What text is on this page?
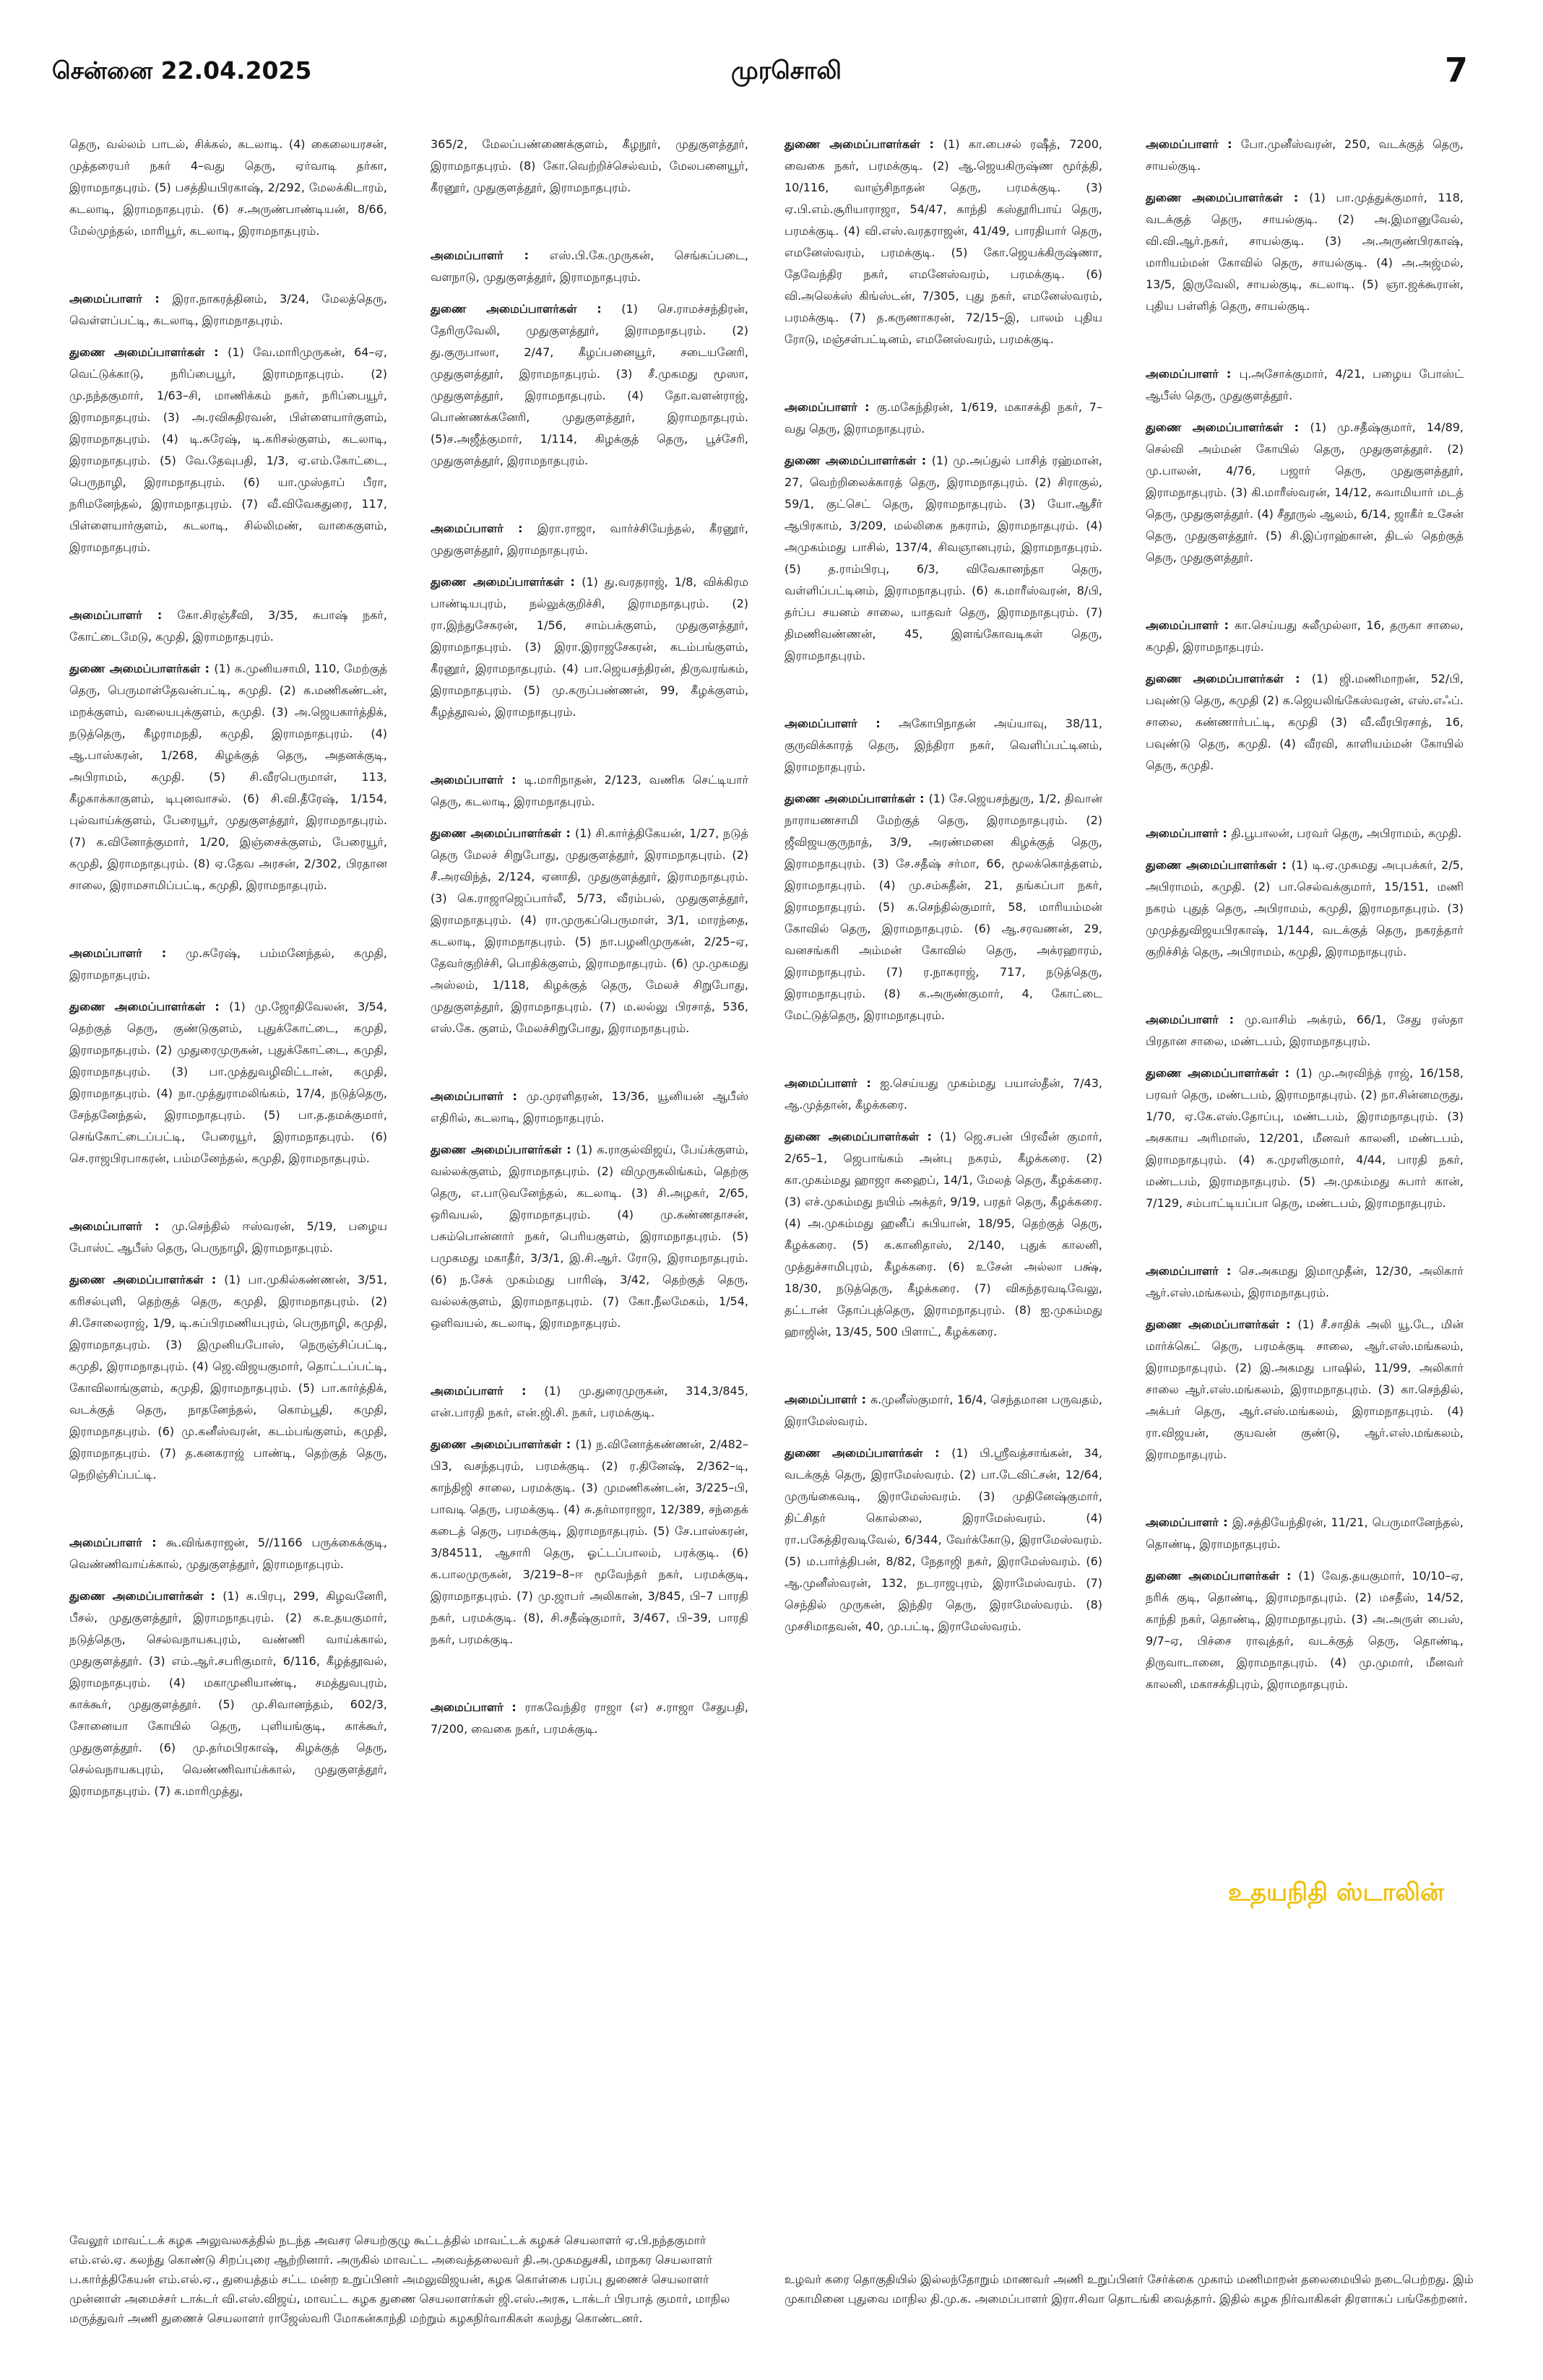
சென்னை 22.04.2025	முரசொலி	7

தெரு, வல்லம் பாடல், சிக்கல், கடலாடி. (4) கைலையரசன், முத்தரையர் நகர் 4–வது தெரு, ஏர்வாடி தர்கா, இராமநாதபுரம். (5) பசத்தியபிரகாஷ், 2/292, மேலக்கிடாரம், கடலாடி, இராமநாதபுரம். (6) ச.அருண்பாண்டியன், 8/66, மேல்முந்தல், மாரியூர், கடலாடி, இராமநாதபுரம்.

அமைப்பாளர் : இரா.நாகரத்தினம், 3/24, மேலத்தெரு, வெள்ளப்பட்டி, கடலாடி, இராமநாதபுரம்.

துணை அமைப்பாளர்கள் : (1) வே.மாரிமுருகன், 64–ஏ, வெட்டுக்காடு, நரிப்பையூர், இராமநாதபுரம். (2) மு.நந்தகுமார், 1/63–சி, மாணிக்கம் நகர், நரிப்பையூர், இராமநாதபுரம். (3) அ.ரவிசுதிரவன், பிள்ளையார்குளம், இராமநாதபுரம். (4) டி.சுரேஷ், டி.கரிசல்குளம், கடலாடி, இராமநாதபுரம். (5) வே.தேவுபதி, 1/3, ஏ.எம்.கோட்டை, பெருநாழி, இராமநாதபுரம். (6) யா.முஸ்தாப் பீரா, நரிமனேந்தல், இராமநாதபுரம். (7) வீ.விவேகதுரை, 117, பிள்ளையார்குளம், கடலாடி, சில்லிமண், வாகைகுளம், இராமநாதபுரம்.

அமைப்பாளர் : கோ.சிரஞ்சீவி, 3/35, சுபாஷ் நகர், கோட்டைமேடு, கமுதி, இராமநாதபுரம்.

துணை அமைப்பாளர்கள் : (1) க.முனியசாமி, 110, மேற்குத் தெரு, பெருமாள்தேவன்பட்டி, கமுதி. (2) க.மணிகண்டன், மறக்குளம், வலையபுக்குளம், கமுதி. (3) அ.ஜெயகார்த்திக், நடுத்தெரு, கீழராமநதி, கமுதி, இராமநாதபுரம். (4) ஆ.பாஸ்கரன், 1/268, கிழக்குத் தெரு, அதனக்குடி, அபிராமம், கமுதி. (5) சி.வீரபெருமாள், 113, கீழகாக்காகுளம், டிபுனவாசல். (6) சி.வி.தீரேஷ், 1/154, புல்வாய்க்குளம், பேரையூர், முதுகுளத்தூர், இராமநாதபுரம். (7) க.வினோத்குமார், 1/20, இஞ்சைக்குளம், பேரையூர், கமுதி, இராமநாதபுரம். (8) ஏ.தேவ அரசன், 2/302, பிரதான சாலை, இராமசாமிப்பட்டி, கமுதி, இராமநாதபுரம்.

அமைப்பாளர் : மு.சுரேஷ், பம்மனேந்தல், கமுதி, இராமநாதபுரம்.

துணை அமைப்பாளர்கள் : (1) மு.ஜோதிவேலன், 3/54, தெற்குத் தெரு, குண்டுகுளம், புதுக்கோட்டை, கமுதி, இராமநாதபுரம். (2) முதுரைமுருகன், புதுக்கோட்டை, கமுதி, இராமநாதபுரம். (3) பா.முத்துவழிவிட்டான், கமுதி, இராமநாதபுரம். (4) நா.முத்துராமலிங்கம், 17/4, நடுத்தெரு, சேந்தனேந்தல், இராமநாதபுரம். (5) பா.த.தமக்குமார், செங்கோட்டைப்பட்டி, பேரையூர், இராமநாதபுரம். (6) செ.ராஜபிரபாகரன், பம்மனேந்தல், கமுதி, இராமநாதபுரம்.

அமைப்பாளர் : மு.செந்தில் ஈஸ்வரன், 5/19, பழைய போஸ்ட் ஆபீஸ் தெரு, பெருநாழி, இராமநாதபுரம்.

துணை அமைப்பாளர்கள் : (1) பா.முகில்கண்ணன், 3/51, கரிசல்புளி, தெற்குத் தெரு, கமுதி, இராமநாதபுரம். (2) சி.சோலைராஜ், 1/9, டி.சுப்பிரமணியபுரம், பெருநாழி, கமுதி, இராமநாதபுரம். (3) இமுனியபோஸ், நெருஞ்சிப்பட்டி, கமுதி, இராமநாதபுரம். (4) ஜெ.விஜயகுமார், தொட்டப்பட்டி, கோவிலாங்குளம், கமுதி, இராமநாதபுரம். (5) பா.கார்த்திக், வடக்குத் தெரு, நாதனேந்தல், கொம்பூதி, கமுதி, இராமநாதபுரம். (6) மு.கனீஸ்வரன், கடம்பங்குளம், கமுதி, இராமநாதபுரம். (7) த.கனகராஜ் பாண்டி, தெற்குத் தெரு, நெறிஞ்சிப்பட்டி.

அமைப்பாளர் : கூ.விங்கராஜன், 5//1166 பருக்கைக்குடி, வெண்ணிவாய்க்கால், முதுகுளத்தூர், இராமநாதபுரம்.

துணை அமைப்பாளர்கள் : (1) க.பிரபு, 299, கிழவனேரி, பீசல், முதுகுளத்தூர், இராமநாதபுரம். (2) க.உதயகுமார், நடுத்தெரு, செல்வநாயகபுரம், வண்ணி வாய்க்கால், முதுகுளத்தூர். (3) எம்.ஆர்.சபரிகுமார், 6/116, கீழத்தூவல், இராமநாதபுரம். (4) மகாமுனியாண்டி, சமத்துவபுரம், காக்கூர், முதுகுளத்தூர். (5) மு.சிவானந்தம், 602/3, சோனையா கோயில் தெரு, புளியங்குடி, காக்கூர், முதுகுளத்தூர். (6) மு.தர்மபிரகாஷ், கிழக்குத் தெரு, செல்வநாயகபுரம், வெண்ணிவாய்க்கால், முதுகுளத்தூர், இராமநாதபுரம். (7) க.மாரிமுத்து,

365/2, மேலப்பண்ணைக்குளம், கீழநூர், முதுகுளத்தூர், இராமநாதபுரம். (8) கோ.வெற்றிச்செல்வம், மேலபனையூர், கீரனூர், முதுகுளத்தூர், இராமநாதபுரம்.

அமைப்பாளர் : எஸ்.பி.கே.முருகன், செங்கப்படை, வளநாடு, முதுகுளத்தூர், இராமநாதபுரம்.

துணை அமைப்பாளர்கள் : (1) செ.ராமச்சந்திரன், தேரிருவேலி, முதுகுளத்தூர், இராமநாதபுரம். (2) து.குருபாலா, 2/47, கீழப்பனையூர், சடையனேரி, முதுகுளத்தூர், இராமநாதபுரம். (3) சீ.முகமது மூஸா, முதுகுளத்தூர், இராமநாதபுரம். (4) தோ.வளன்ராஜ், பொண்ணக்கனேரி, முதுகுளத்தூர், இராமநாதபுரம். (5)ச.அஜீத்குமார், 1/114, கிழக்குத் தெரு, பூச்சேரி, முதுகுளத்தூர், இராமநாதபுரம்.

அமைப்பாளர் : இரா.ராஜா, வார்ச்சியேந்தல், கீரனூர், முதுகுளத்தூர், இராமநாதபுரம்.

துணை அமைப்பாளர்கள் : (1) து.வரதராஜ், 1/8, விக்கிரம பாண்டியபுரம், நல்லுக்குறிச்சி, இராமநாதபுரம். (2) ரா.இந்துசேகரன், 1/56, சாம்பக்குளம், முதுகுளத்தூர், இராமநாதபுரம். (3) இரா.இராஜசேகரன், கடம்பங்குளம், கீரனூர், இராமநாதபுரம். (4) பா.ஜெயசந்திரன், திருவரங்கம், இராமநாதபுரம். (5) மு.கருப்பண்ணன், 99, கீழக்குளம், கீழத்தூவல், இராமநாதபுரம்.

அமைப்பாளர் : டி.மாரிநாதன், 2/123, வணிக செட்டியார் தெரு, கடலாடி, இராமநாதபுரம்.

துணை அமைப்பாளர்கள் : (1) சி.கார்த்திகேயன், 1/27, நடுத் தெரு மேலச் சிறுபோது, முதுகுளத்தூர், இராமநாதபுரம். (2) சீ.அரவிந்த், 2/124, ஏனாதி, முதுகுளத்தூர், இராமநாதபுரம். (3) கெ.ராஜாஜெப்பார்லீ, 5/73, வீரம்பல், முதுகுளத்தூர், இராமநாதபுரம். (4) ரா.முருகப்பெருமாள், 3/1, மாரந்தை, கடலாடி, இராமநாதபுரம். (5) நா.பழனிமுருகன், 2/25–ஏ, தேவர்குறிச்சி, பொதிக்குளம், இராமநாதபுரம். (6) மு.முகமது அஸ்லம், 1/118, கிழக்குத் தெரு, மேலச் சிறுபோது, முதுகுளத்தூர், இராமநாதபுரம். (7) ம.லல்லு பிரசாத், 536, எஸ்.கே. குளம், மேலச்சிறுபோது, இராமநாதபுரம்.

அமைப்பாளர் : மு.முரளிதரன், 13/36, யூனியன் ஆபீஸ் எதிரில், கடலாடி, இராமநாதபுரம்.

துணை அமைப்பாளர்கள் : (1) க.ராகுல்விஜய், பேய்க்குளம், வல்லக்குளம், இராமநாதபுரம். (2) விமுருகலிங்கம், தெற்கு தெரு, எ.பாடுவனேந்தல், கடலாடி. (3) சி.அழகர், 2/65, ஒரிவயல், இராமநாதபுரம். (4) மு.கண்ணதாசன், பசும்பொன்னார் நகர், பெரியகுளம், இராமநாதபுரம். (5) பமுகமது மகாதீர், 3/3/1, இ.சி.ஆர். ரோடு, இராமநாதபுரம். (6) ந.சேக் முகம்மது பாரிஷ், 3/42, தெற்குத் தெரு, வல்லக்குளம், இராமநாதபுரம். (7) கோ.நீலமேகம், 1/54, ஒளிவயல், கடலாடி, இராமநாதபுரம்.

அமைப்பாளர் : (1) மு.துரைமுருகன், 314,3/845, என்.பாரதி நகர், என்.ஜி.சி. நகர், பரமக்குடி.

துணை அமைப்பாளர்கள் : (1) ந.வினோத்கண்ணன், 2/482–பி3, வசந்தபுரம், பரமக்குடி. (2) ர.தினேஷ், 2/362–டி, காந்திஜி சாலை, பரமக்குடி. (3) முமணிகண்டன், 3/225–பி, பாவடி தெரு, பரமக்குடி. (4) சு.தர்மாராஜா, 12/389, சந்தைக் கடைத் தெரு, பரமக்குடி, இராமநாதபுரம். (5) சே.பாஸ்கரன், 3/84511, ஆசாரி தெரு, ஓட்டப்பாலம், பரக்குடி. (6) க.பாலமுருகன், 3/219–8–ஈ மூவேந்தர் நகர், பரமக்குடி, இராமநாதபுரம். (7) மு.ஜாபர் அலிகான், 3/845, பி–7 பாரதி நகர், பரமக்குடி. (8), சி.சதீஷ்குமார், 3/467, பி–39, பாரதி நகர், பரமக்குடி.

அமைப்பாளர் : ராகவேந்திர ராஜா (எ) ச.ராஜா சேதுபதி, 7/200, வைகை நகர், பரமக்குடி.

துணை அமைப்பாளர்கள் : (1) கா.பைசல் ரஷீத், 7200, வைகை நகர், பரமக்குடி. (2) ஆ.ஜெயகிருஷ்ண மூர்த்தி, 10/116, வாஞ்சிநாதன் தெரு, பரமக்குடி. (3) ஏ.பி.எம்.சூரியாராஜா, 54/47, காந்தி கஸ்தூரிபாய் தெரு, பரமக்குடி. (4) வி.எஸ்.வரதராஜன், 41/49, பாரதியார் தெரு, எமனேஸ்வரம், பரமக்குடி. (5) கோ.ஜெயக்கிருஷ்ணா, தேவேந்திர நகர், எமனேஸ்வரம், பரமக்குடி. (6) வி.அலெக்ஸ் கிங்ஸ்டன், 7/305, புது நகர், எமனேஸ்வரம், பரமக்குடி. (7) த.கருணாகரன், 72/15–இ, பாலம் புதிய ரோடு, மஞ்சள்பட்டினம், எமனேஸ்வரம், பரமக்குடி.

அமைப்பாளர் : கு.மகேந்திரன், 1/619, மகாசக்தி நகர், 7–வது தெரு, இராமநாதபுரம்.

துணை அமைப்பாளர்கள் : (1) மு.அப்துல் பாசித் ரஹ்மான், 27, வெற்றிலைக்காரத் தெரு, இராமநாதபுரம். (2) சிராகுல், 59/1, குட்செட் தெரு, இராமநாதபுரம். (3) யோ.ஆசீர் ஆபிரகாம், 3/209, மல்லிகை நகராம், இராமநாதபுரம். (4) அமுகம்மது பாசில், 137/4, சிவஞானபுரம், இராமநாதபுரம். (5) த.ராம்பிரபு, 6/3, விவேகானந்தா தெரு, வள்ளிப்பட்டினம், இராமநாதபுரம். (6) க.மாரீஸ்வரன், 8/பி, தர்ப்ப சயனம் சாலை, யாதவர் தெரு, இராமநாதபுரம். (7) திமணிவண்ணன், 45, இளங்கோவடிகள் தெரு, இராமநாதபுரம்.

அமைப்பாளர் : அகோபிநாதன் அய்யாவு, 38/11, குருவிக்காரத் தெரு, இந்திரா நகர், வெளிப்பட்டினம், இராமநாதபுரம்.

துணை அமைப்பாளர்கள் : (1) சே.ஜெயசந்துரு, 1/2, திவான் நாராயணசாமி மேற்குத் தெரு, இராமநாதபுரம். (2) ஜீவிஜயகுருநாத், 3/9, அரண்மனை கிழக்குத் தெரு, இராமநாதபுரம். (3) சே.சதீஷ் சர்மா, 66, மூலக்கொத்தளம், இராமநாதபுரம். (4) மு.சம்சுதீன், 21, தங்கப்பா நகர், இராமநாதபுரம். (5) க.செந்தில்குமார், 58, மாரியம்மன் கோவில் தெரு, இராமநாதபுரம். (6) ஆ.சரவணன், 29, வனசங்கரி அம்மன் கோவில் தெரு, அக்ரஹாரம், இராமநாதபுரம். (7) ர.நாகராஜ், 717, நடுத்தெரு, இராமநாதபுரம். (8) க.அருண்குமார், 4, கோட்டை மேட்டுத்தெரு, இராமநாதபுரம்.

அமைப்பாளர் : ஐ.செய்யது முகம்மது பயாஸ்தீன், 7/43, ஆ.முத்தான், கீழக்கரை.

துணை அமைப்பாளர்கள் : (1) ஜெ.சபன் பிரவீன் குமார், 2/65–1, ஜெபாங்கம் அன்பு நகரம், கீழக்கரை. (2) கா.முகம்மது ஹாஜா சுஹைப், 14/1, மேலத் தெரு, கீழக்கரை. (3) எச்.முகம்மது நயிம் அக்தர், 9/19, பரதர் தெரு, கீழக்கரை. (4) அ.முகம்மது ஹனீப் சுபியான், 18/95, தெற்குத் தெரு, கீழக்கரை. (5) க.கானிதாஸ், 2/140, புதுக் காலனி, முத்துச்சாமிபுரம், கீழக்கரை. (6) உசேன் அல்லா பக்ஷ், 18/30, நடுத்தெரு, கீழக்கரை. (7) விகந்தரவடிவேலு, தட்டான் தோப்புத்தெரு, இராமநாதபுரம். (8) ஐ.முகம்மது ஹாஜின், 13/45, 500 பிளாட், கீழக்கரை.

அமைப்பாளர் : க.முனீஸ்குமார், 16/4, செந்தமான பருவதம், இராமேஸ்வரம்.

துணை அமைப்பாளர்கள் : (1) பி.ஸ்ரீவத்சாங்கன், 34, வடக்குத் தெரு, இராமேஸ்வரம். (2) பா.டேவிட்சன், 12/64, முருங்கைவடி, இராமேஸ்வரம். (3) முதினேஷ்குமார், திட்சிதர் கொல்லை, இராமேஸ்வரம். (4) ரா.பகேத்திரவடிவேல், 6/344, வேர்க்கோடு, இராமேஸ்வரம். (5) ம.பார்த்திபன், 8/82, நேதாஜி நகர், இராமேஸ்வரம். (6) ஆ.முனீஸ்வரன், 132, நடராஜபுரம், இராமேஸ்வரம். (7) செந்தில் முருகன், இந்திர தெரு, இராமேஸ்வரம். (8) முசசிமாதவன், 40, மு.பட்டி, இராமேஸ்வரம்.

அமைப்பாளர் : போ.முனீஸ்வரன், 250, வடக்குத் தெரு, சாயல்குடி.

துணை அமைப்பாளர்கள் : (1) பா.முத்துக்குமார், 118, வடக்குத் தெரு, சாயல்குடி. (2) அ.இமானுவேல், வி.வி.ஆர்.நகர், சாயல்குடி. (3) அ.அருண்பிரகாஷ், மாரியம்மன் கோவில் தெரு, சாயல்குடி. (4) அ.அஜ்மல், 13/5, இருவேலி, சாயல்குடி, கடலாடி. (5) ஞா.ஜக்கூரான், புதிய பள்ளித் தெரு, சாயல்குடி.

அமைப்பாளர் : பு.அசோக்குமார், 4/21, பழைய போஸ்ட் ஆபீஸ் தெரு, முதுகுளத்தூர்.

துணை அமைப்பாளர்கள் : (1) மு.சதீஷ்குமார், 14/89, செல்வி அம்மன் கோயில் தெரு, முதுகுளத்தூர். (2) மு.பாலன், 4/76, பஜார் தெரு, முதுகுளத்தூர், இராமநாதபுரம். (3) கி.மாரீஸ்வரன், 14/12, சுவாமியார் மடத் தெரு, முதுகுளத்தூர். (4) சீதூருல் ஆலம், 6/14, ஜாகீர் உசேன் தெரு, முதுகுளத்தூர். (5) சி.இப்ராஹ்கான், திடல் தெற்குத் தெரு, முதுகுளத்தூர்.

அமைப்பாளர் : கா.செய்யது சுலீமுல்லா, 16, தருகா சாலை, கமுதி, இராமநாதபுரம்.

துணை அமைப்பாளர்கள் : (1) ஜி.மணிமாறன், 52/பி, பவுண்டு தெரு, கமுதி (2) க.ஜெயலிங்கேஸ்வரன், எஸ்.எஃப். சாலை, கண்ணார்பட்டி, கமுதி (3) வீ.வீரபிரசாத், 16, பவுண்டு தெரு, கமுதி. (4) வீரவி, காளியம்மன் கோயில் தெரு, கமுதி.

அமைப்பாளர் : தி.பூபாலன், பரவர் தெரு, அபிராமம், கமுதி.

துணை அமைப்பாளர்கள் : (1) டி.ஏ.முகமது அபுபக்கர், 2/5, அபிராமம், கமுதி. (2) பா.செல்வக்குமார், 15/151, மணி நகரம் புதுத் தெரு, அபிராமம், கமுதி, இராமநாதபுரம். (3) முமுத்துவிஜயபிரகாஷ், 1/144, வடக்குத் தெரு, நகரத்தார் குறிச்சித் தெரு, அபிராமம், கமுதி, இராமநாதபுரம்.

அமைப்பாளர் : மு.வாசிம் அக்ரம், 66/1, சேது ரஸ்தா பிரதான சாலை, மண்டபம், இராமநாதபுரம்.

துணை அமைப்பாளர்கள் : (1) மு.அரவிந்த் ராஜ், 16/158, பரவர் தெரு, மண்டபம், இராமநாதபுரம். (2) நா.சின்னமருது, 1/70, ஏ.கே.எஸ்.தோப்பு, மண்டபம், இராமநாதபுரம். (3) அசகாய அரிமாஸ், 12/201, மீனவர் காலனி, மண்டபம், இராமநாதபுரம். (4) க.முரளிகுமார், 4/44, பாரதி நகர், மண்டபம், இராமநாதபுரம். (5) அ.முகம்மது சுபார் கான், 7/129, சம்பாட்டியப்பா தெரு, மண்டபம், இராமநாதபுரம்.

அமைப்பாளர் : செ.அகமது இமாமுதீன், 12/30, அலிகார் ஆர்.எஸ்.மங்கலம், இராமநாதபுரம்.

துணை அமைப்பாளர்கள் : (1) சீ.சாதிக் அலி யூ.டே, மின் மார்க்கெட் தெரு, பரமக்குடி சாலை, ஆர்.எஸ்.மங்கலம், இராமநாதபுரம். (2) இ.அகமது பாஷில், 11/99, அலிகார் சாலை ஆர்.எஸ்.மங்கலம், இராமநாதபுரம். (3) கா.செந்தில், அக்பர் தெரு, ஆர்.எஸ்.மங்கலம், இராமநாதபுரம். (4) ரா.விஜயன், குயவன் குண்டு, ஆர்.எஸ்.மங்கலம், இராமநாதபுரம்.

அமைப்பாளர் : இ.சத்தியேந்திரன், 11/21, பெருமானேந்தல், தொண்டி, இராமநாதபுரம்.

துணை அமைப்பாளர்கள் : (1) வேத.தயகுமார், 10/10–ஏ, நரிக் குடி, தொண்டி, இராமநாதபுரம். (2) மசதீஸ், 14/52, காந்தி நகர், தொண்டி, இராமநாதபுரம். (3) அ.அருள் பைஸ், 9/7–ஏ, பிச்சை ராவுத்தர், வடக்குத் தெரு, தொண்டி, திருவாடானை, இராமநாதபுரம். (4) மு.முமார், மீனவர் காலனி, மகாசக்திபுரம், இராமநாதபுரம்.

உதயநிதி ஸ்டாலின்
வேலூர் மாவட்டக் கழக அலுவலகத்தில் நடந்த அவசர செயற்குழு கூட்டத்தில் மாவட்டக் கழகச் செயலாளர் ஏ.பி.நந்தகுமார் எம்.எல்.ஏ. கலந்து கொண்டு சிறப்புரை ஆற்றினார். அருகில் மாவட்ட அவைத்தலைவர் தி.அ.முகமதுசகி, மாநகர செயலாளர் ப.கார்த்திகேயன் எம்.எல்.ஏ., துயைத்தம் சட்ட மன்ற உறுப்பினர் அமலுவிஜயன், கழக கொள்கை பரப்பு துணைச் செயலாளர் முன்னாள் அமைச்சர் டாக்டர் வி.எஸ்.விஜய், மாவட்ட கழக துணை செயலாளர்கள் ஜி.எஸ்.அரசு, டாக்டர் பிரபாத் குமார், மாநில மருத்துவர் அணி துணைச் செயலாளர் ராஜேஸ்வரி மோகன்காந்தி மற்றும் கழகநிர்வாகிகள் கலந்து கொண்டனர்.
உழவர் கரை தொகுதியில் இல்லந்தோறும் மாணவர் அணி உறுப்பினர் சேர்க்கை முகாம் மணிமாறன் தலைமையில் நடைபெற்றது. இம் முகாமினை புதுவை மாநில தி.மு.க. அமைப்பாளர் இரா.சிவா தொடங்கி வைத்தார். இதில் கழக நிர்வாகிகள் திரளாகப் பங்கேற்றனர்.
